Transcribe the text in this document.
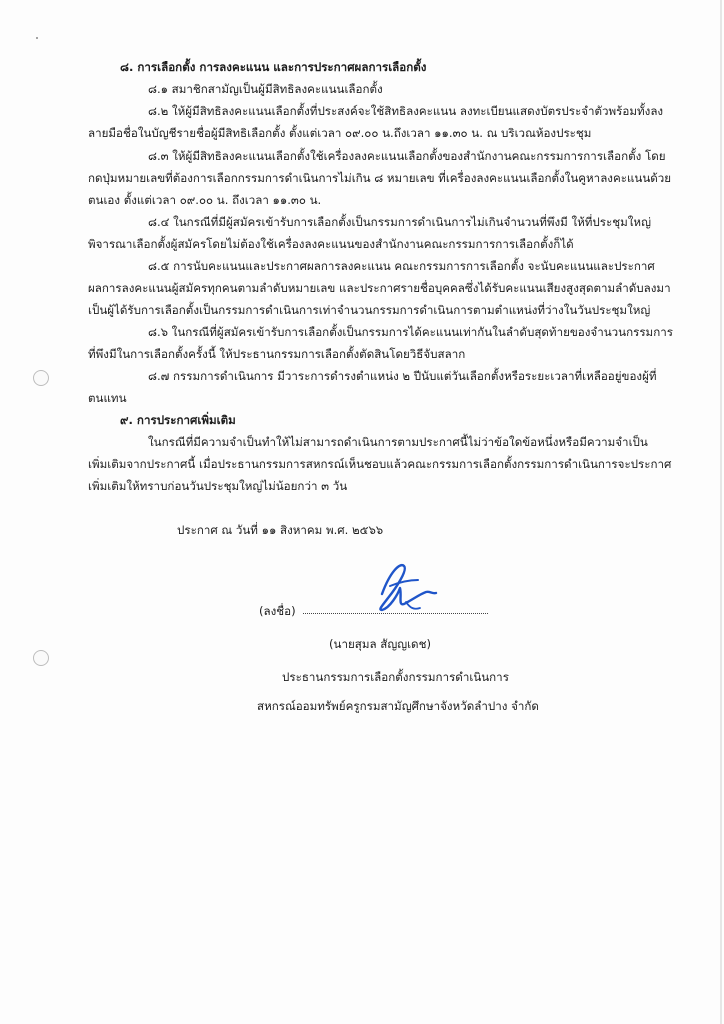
๘. การเลือกตั้ง การลงคะแนน และการประกาศผลการเลือกตั้ง
๘.๑ สมาชิกสามัญเป็นผู้มีสิทธิลงคะแนนเลือกตั้ง
๘.๒ ให้ผู้มีสิทธิลงคะแนนเลือกตั้งที่ประสงค์จะใช้สิทธิลงคะแนน ลงทะเบียนแสดงบัตรประจำตัวพร้อมทั้งลง
ลายมือชื่อในบัญชีรายชื่อผู้มีสิทธิเลือกตั้ง ตั้งแต่เวลา ๐๙.๐๐ น.ถึงเวลา ๑๑.๓๐ น. ณ บริเวณห้องประชุม
๘.๓ ให้ผู้มีสิทธิลงคะแนนเลือกตั้งใช้เครื่องลงคะแนนเลือกตั้งของสำนักงานคณะกรรมการการเลือกตั้ง โดย
กดปุ่มหมายเลขที่ต้องการเลือกกรรมการดำเนินการไม่เกิน ๘ หมายเลข ที่เครื่องลงคะแนนเลือกตั้งในคูหาลงคะแนนด้วย
ตนเอง ตั้งแต่เวลา ๐๙.๐๐ น. ถึงเวลา ๑๑.๓๐ น.
๘.๔ ในกรณีที่มีผู้สมัครเข้ารับการเลือกตั้งเป็นกรรมการดำเนินการไม่เกินจำนวนที่พึงมี ให้ที่ประชุมใหญ่
พิจารณาเลือกตั้งผู้สมัครโดยไม่ต้องใช้เครื่องลงคะแนนของสำนักงานคณะกรรมการการเลือกตั้งก็ได้
๘.๕ การนับคะแนนและประกาศผลการลงคะแนน คณะกรรมการการเลือกตั้ง จะนับคะแนนและประกาศ
ผลการลงคะแนนผู้สมัครทุกคนตามลำดับหมายเลข และประกาศรายชื่อบุคคลซึ่งได้รับคะแนนเสียงสูงสุดตามลำดับลงมา
เป็นผู้ได้รับการเลือกตั้งเป็นกรรมการดำเนินการเท่าจำนวนกรรมการดำเนินการตามตำแหน่งที่ว่างในวันประชุมใหญ่
๘.๖ ในกรณีที่ผู้สมัครเข้ารับการเลือกตั้งเป็นกรรมการได้คะแนนเท่ากันในลำดับสุดท้ายของจำนวนกรรมการ
ที่พึงมีในการเลือกตั้งครั้งนี้ ให้ประธานกรรมการเลือกตั้งตัดสินโดยวิธีจับสลาก
๘.๗ กรรมการดำเนินการ มีวาระการดำรงตำแหน่ง ๒ ปีนับแต่วันเลือกตั้งหรือระยะเวลาที่เหลืออยู่ของผู้ที่
ตนแทน
๙. การประกาศเพิ่มเติม
ในกรณีที่มีความจำเป็นทำให้ไม่สามารถดำเนินการตามประกาศนี้ไม่ว่าข้อใดข้อหนึ่งหรือมีความจำเป็น
เพิ่มเติมจากประกาศนี้ เมื่อประธานกรรมการสหกรณ์เห็นชอบแล้วคณะกรรมการเลือกตั้งกรรมการดำเนินการจะประกาศ
เพิ่มเติมให้ทราบก่อนวันประชุมใหญ่ไม่น้อยกว่า ๓ วัน
ประกาศ ณ วันที่ ๑๑ สิงหาคม พ.ศ. ๒๕๖๖
(ลงชื่อ)
(นายสุมล สัญญเดช)
ประธานกรรมการเลือกตั้งกรรมการดำเนินการ
สหกรณ์ออมทรัพย์ครูกรมสามัญศึกษาจังหวัดลำปาง จำกัด
